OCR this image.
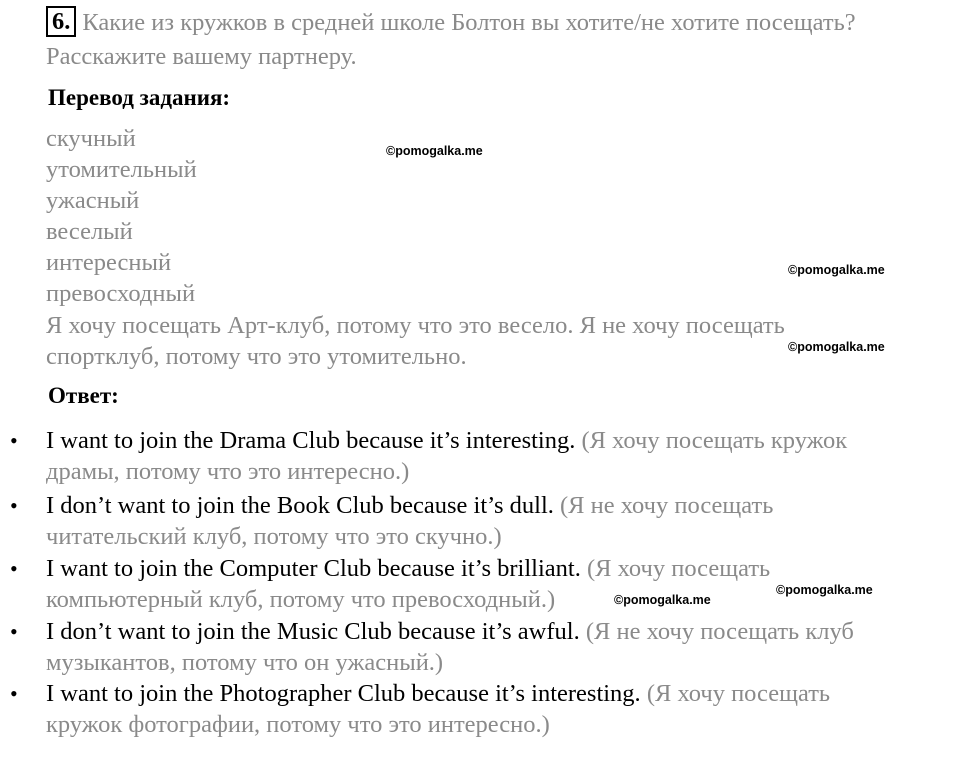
6. Какие из кружков в средней школе Болтон вы хотите/не хотите посещать?
Расскажите вашему партнеру.
Перевод задания:
скучный
утомительный
ужасный
веселый
интересный
превосходный
Я хочу посещать Арт-клуб, потому что это весело. Я не хочу посещать
спортклуб, потому что это утомительно.
Ответ:
• I want to join the Drama Club because it’s interesting. (Я хочу посещать кружок
драмы, потому что это интересно.)
• I don’t want to join the Book Club because it’s dull. (Я не хочу посещать
читательский клуб, потому что это скучно.)
• I want to join the Computer Club because it’s brilliant. (Я хочу посещать
компьютерный клуб, потому что превосходный.)
• I don’t want to join the Music Club because it’s awful. (Я не хочу посещать клуб
музыкантов, потому что он ужасный.)
• I want to join the Photographer Club because it’s interesting. (Я хочу посещать
кружок фотографии, потому что это интересно.)
©pomogalka.me
©pomogalka.me
©pomogalka.me
©pomogalka.me
©pomogalka.me
